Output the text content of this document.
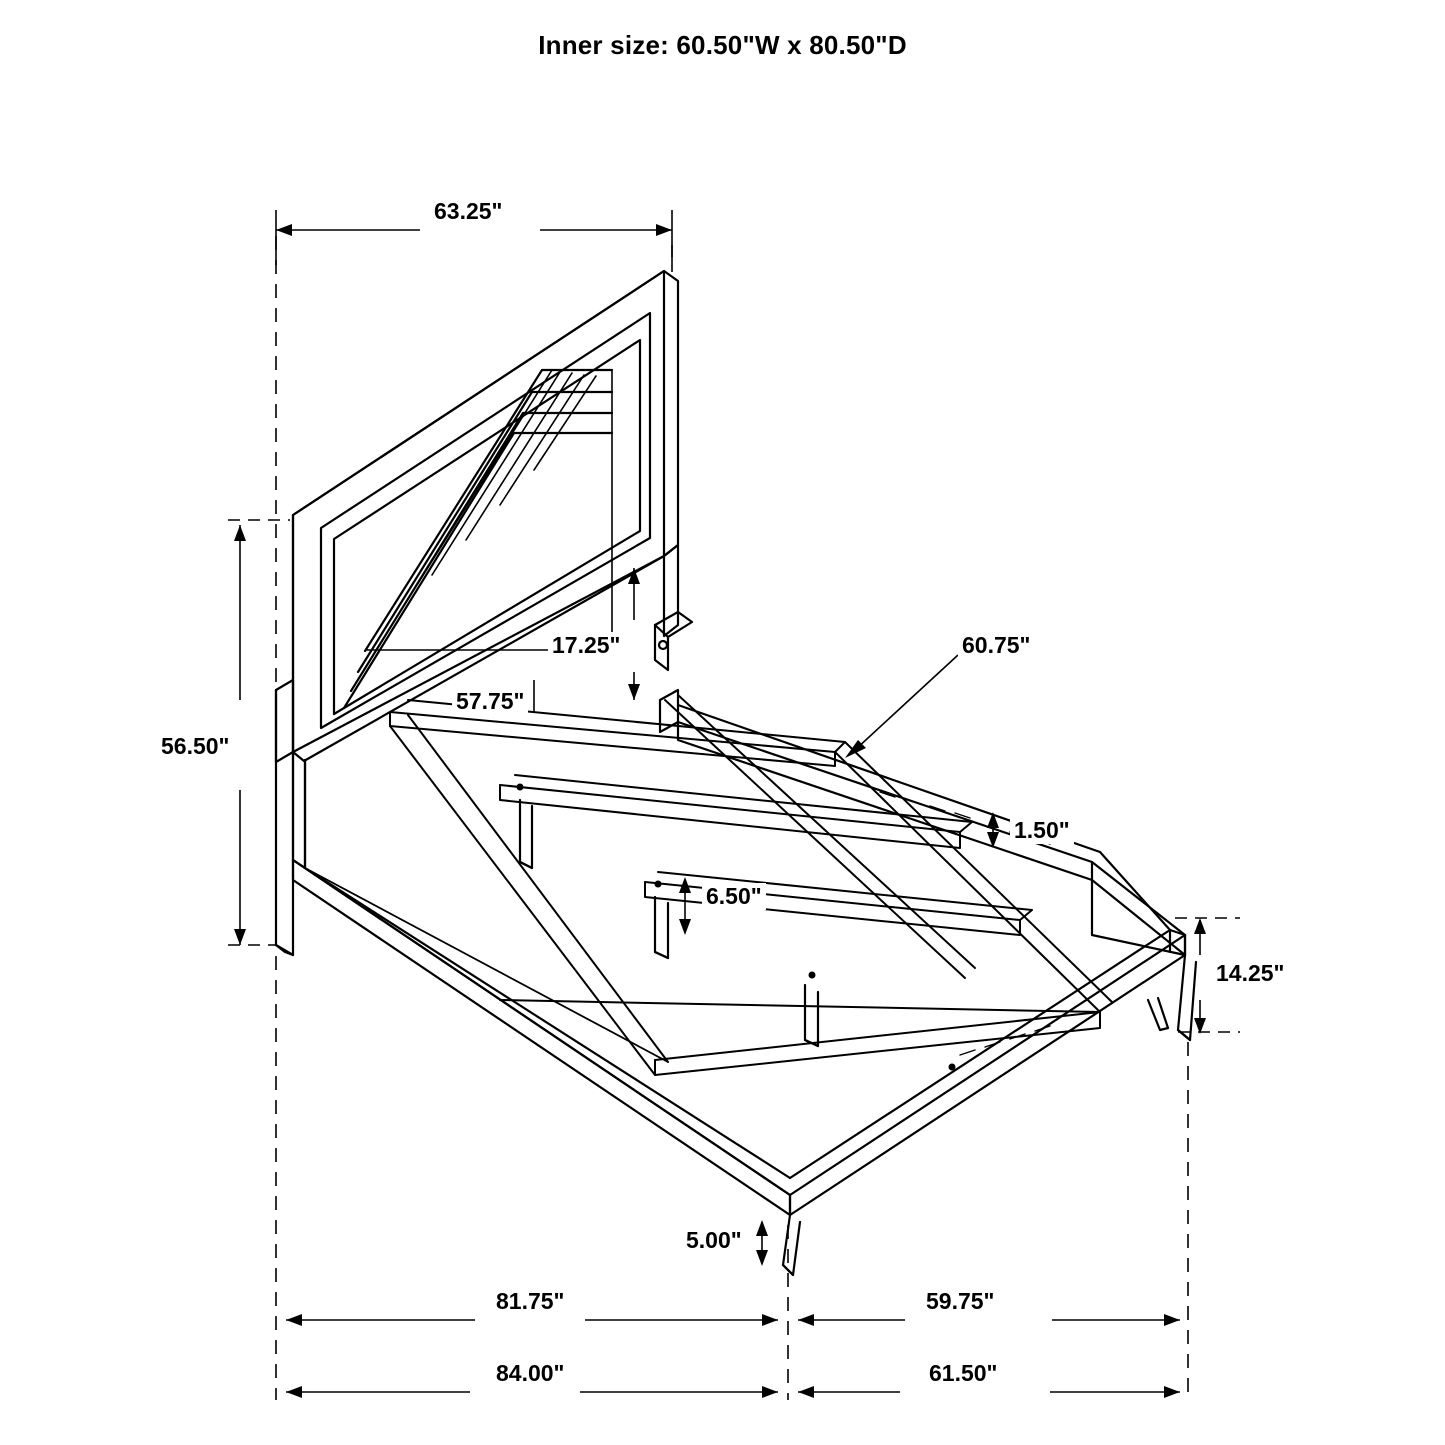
Inner size: 60.50"W x 80.50"D
63.25"
56.50"
17.25"
57.75"
60.75"
1.50"
6.50"
14.25"
5.00"
81.75"	59.75"
84.00"	61.50"
